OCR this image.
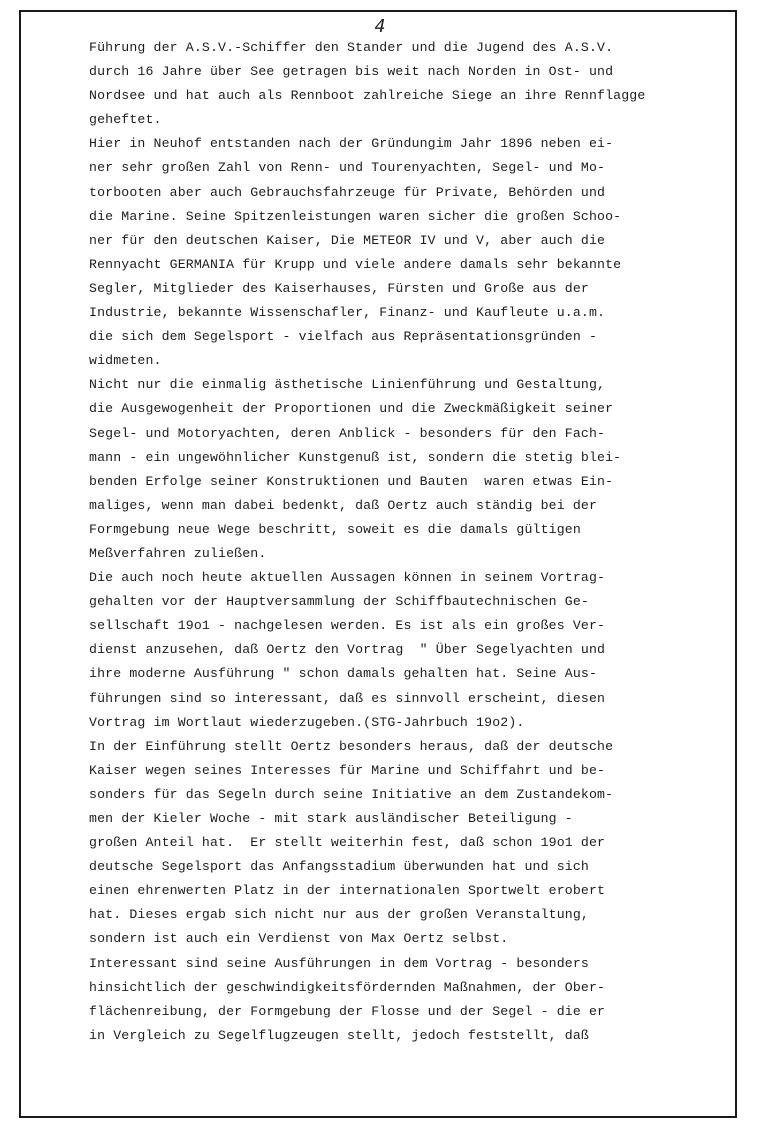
4
Führung der A.S.V.-Schiffer den Stander und die Jugend des A.S.V.
durch 16 Jahre über See getragen bis weit nach Norden in Ost- und
Nordsee und hat auch als Rennboot zahlreiche Siege an ihre Rennflagge
geheftet.
Hier in Neuhof entstanden nach der Gründungim Jahr 1896 neben ei-
ner sehr großen Zahl von Renn- und Tourenyachten, Segel- und Mo-
torbooten aber auch Gebrauchsfahrzeuge für Private, Behörden und
die Marine. Seine Spitzenleistungen waren sicher die großen Schoo-
ner für den deutschen Kaiser, Die METEOR IV und V, aber auch die
Rennyacht GERMANIA für Krupp und viele andere damals sehr bekannte
Segler, Mitglieder des Kaiserhauses, Fürsten und Große aus der
Industrie, bekannte Wissenschafler, Finanz- und Kaufleute u.a.m.
die sich dem Segelsport - vielfach aus Repräsentationsgründen -
widmeten.
Nicht nur die einmalig ästhetische Linienführung und Gestaltung,
die Ausgewogenheit der Proportionen und die Zweckmäßigkeit seiner
Segel- und Motoryachten, deren Anblick - besonders für den Fach-
mann - ein ungewöhnlicher Kunstgenuß ist, sondern die stetig blei-
benden Erfolge seiner Konstruktionen und Bauten  waren etwas Ein-
maliges, wenn man dabei bedenkt, daß Oertz auch ständig bei der
Formgebung neue Wege beschritt, soweit es die damals gültigen
Meßverfahren zuließen.
Die auch noch heute aktuellen Aussagen können in seinem Vortrag-
gehalten vor der Hauptversammlung der Schiffbautechnischen Ge-
sellschaft 19o1 - nachgelesen werden. Es ist als ein großes Ver-
dienst anzusehen, daß Oertz den Vortrag  " Über Segelyachten und
ihre moderne Ausführung " schon damals gehalten hat. Seine Aus-
führungen sind so interessant, daß es sinnvoll erscheint, diesen
Vortrag im Wortlaut wiederzugeben.(STG-Jahrbuch 19o2).
In der Einführung stellt Oertz besonders heraus, daß der deutsche
Kaiser wegen seines Interesses für Marine und Schiffahrt und be-
sonders für das Segeln durch seine Initiative an dem Zustandekom-
men der Kieler Woche - mit stark ausländischer Beteiligung -
großen Anteil hat.  Er stellt weiterhin fest, daß schon 19o1 der
deutsche Segelsport das Anfangsstadium überwunden hat und sich
einen ehrenwerten Platz in der internationalen Sportwelt erobert
hat. Dieses ergab sich nicht nur aus der großen Veranstaltung,
sondern ist auch ein Verdienst von Max Oertz selbst.
Interessant sind seine Ausführungen in dem Vortrag - besonders
hinsichtlich der geschwindigkeitsfördernden Maßnahmen, der Ober-
flächenreibung, der Formgebung der Flosse und der Segel - die er
in Vergleich zu Segelflugzeugen stellt, jedoch feststellt, daß
